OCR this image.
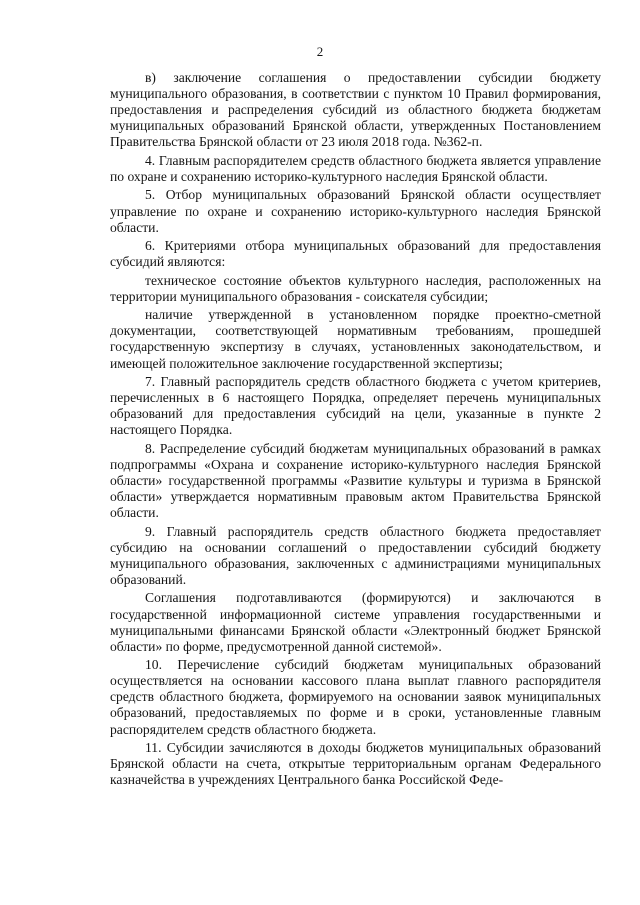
2

в) заключение соглашения о предоставлении субсидии бюджету муниципального образования, в соответствии с пунктом 10 Правил формирования, предоставления и распределения субсидий из областного бюджета бюджетам муниципальных образований Брянской области, утвержденных Постановлением Правительства Брянской области от 23 июля 2018 года. №362-п.

4. Главным распорядителем средств областного бюджета является управление по охране и сохранению историко-культурного наследия Брянской области.

5. Отбор муниципальных образований Брянской области осуществляет управление по охране и сохранению историко-культурного наследия Брянской области.

6. Критериями отбора муниципальных образований для предоставления субсидий являются:

техническое состояние объектов культурного наследия, расположенных на территории муниципального образования - соискателя субсидии;

наличие утвержденной в установленном порядке проектно-сметной документации, соответствующей нормативным требованиям, прошедшей государственную экспертизу в случаях, установленных законодательством, и имеющей положительное заключение государственной экспертизы;

7. Главный распорядитель средств областного бюджета с учетом критериев, перечисленных в 6 настоящего Порядка, определяет перечень муниципальных образований для предоставления субсидий на цели, указанные в пункте 2 настоящего Порядка.

8. Распределение субсидий бюджетам муниципальных образований в рамках подпрограммы «Охрана и сохранение историко-культурного наследия Брянской области» государственной программы «Развитие культуры и туризма в Брянской области» утверждается нормативным правовым актом Правительства Брянской области.

9. Главный распорядитель средств областного бюджета предоставляет субсидию на основании соглашений о предоставлении субсидий бюджету муниципального образования, заключенных с администрациями муниципальных образований.

Соглашения подготавливаются (формируются) и заключаются в государственной информационной системе управления государственными и муниципальными финансами Брянской области «Электронный бюджет Брянской области» по форме, предусмотренной данной системой».

10. Перечисление субсидий бюджетам муниципальных образований осуществляется на основании кассового плана выплат главного распорядителя средств областного бюджета, формируемого на основании заявок муниципальных образований, предоставляемых по форме и в сроки, установленные главным распорядителем средств областного бюджета.

11. Субсидии зачисляются в доходы бюджетов муниципальных образований Брянской области на счета, открытые территориальным органам Федерального казначейства в учреждениях Центрального банка Российской Феде-
